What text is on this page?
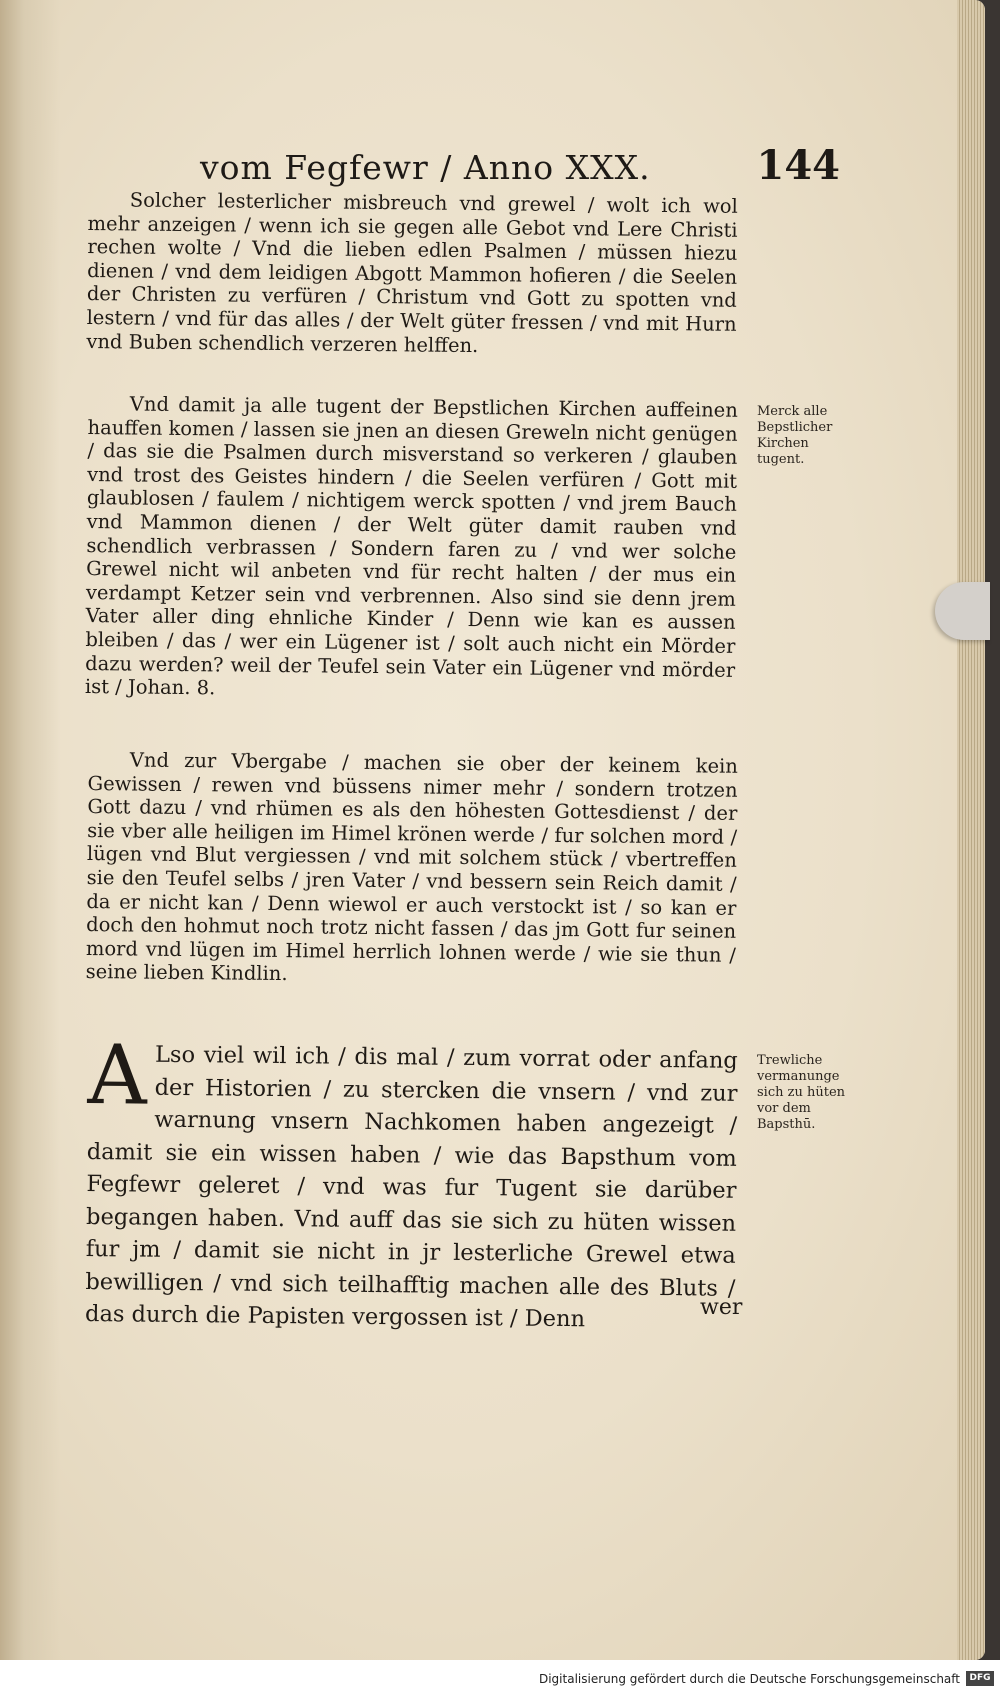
vom Fegfewr / Anno XXX.	144
Solcher lesterlicher misbreuch vnd grewel / wolt ich wol mehr anzeigen / wenn ich sie gegen alle Gebot vnd Lere Christi rechen wolte / Vnd die lieben edlen Psalmen / müssen hiezu dienen / vnd dem leidigen Abgott Mammon hofieren / die Seelen der Christen zu verfüren / Christum vnd Gott zu spotten vnd lestern / vnd für das alles / der Welt güter fressen / vnd mit Hurn vnd Buben schendlich verzeren helffen.
Vnd damit ja alle tugent der Bepstlichen Kirchen auffeinen hauffen komen / lassen sie jnen an diesen Greweln nicht genügen / das sie die Psalmen durch misverstand so verkeren / glauben vnd trost des Geistes hindern / die Seelen verfüren / Gott mit glaublosen / faulem / nichtigem werck spotten / vnd jrem Bauch vnd Mammon dienen / der Welt güter damit rauben vnd schendlich verbrassen / Sondern faren zu / vnd wer solche Grewel nicht wil anbeten vnd für recht halten / der mus ein verdampt Ketzer sein vnd verbrennen. Also sind sie denn jrem Vater aller ding ehnliche Kinder / Denn wie kan es aussen bleiben / das / wer ein Lügener ist / solt auch nicht ein Mörder dazu werden? weil der Teufel sein Vater ein Lügener vnd mörder ist / Johan. 8.
Vnd zur Vbergabe / machen sie ober der keinem kein Gewissen / rewen vnd büssens nimer mehr / sondern trotzen Gott dazu / vnd rhümen es als den höhesten Gottesdienst / der sie vber alle heiligen im Himel krönen werde / fur solchen mord / lügen vnd Blut vergiessen / vnd mit solchem stück / vbertreffen sie den Teufel selbs / jren Vater / vnd bessern sein Reich damit / da er nicht kan / Denn wiewol er auch verstockt ist / so kan er doch den hohmut noch trotz nicht fassen / das jm Gott fur seinen mord vnd lügen im Himel herrlich lohnen werde / wie sie thun / seine lieben Kindlin.
A Lso viel wil ich / dis mal / zum vorrat oder anfang der Historien / zu stercken die vnsern / vnd zur warnung vnsern Nachkomen haben angezeigt / damit sie ein wissen haben / wie das Bapsthum vom Fegfewr geleret / vnd was fur Tugent sie darüber begangen haben. Vnd auff das sie sich zu hüten wissen fur jm / damit sie nicht in jr lesterliche Grewel etwa bewilligen / vnd sich teilhafftig machen alle des Bluts / das durch die Papisten vergossen ist / Denn	wer
Merck alle Bepstlicher Kirchen tugent.
Trewliche vermanunge sich zu hüten vor dem Bapsthū.
Digitalisierung gefördert durch die Deutsche Forschungsgemeinschaft	DFG
